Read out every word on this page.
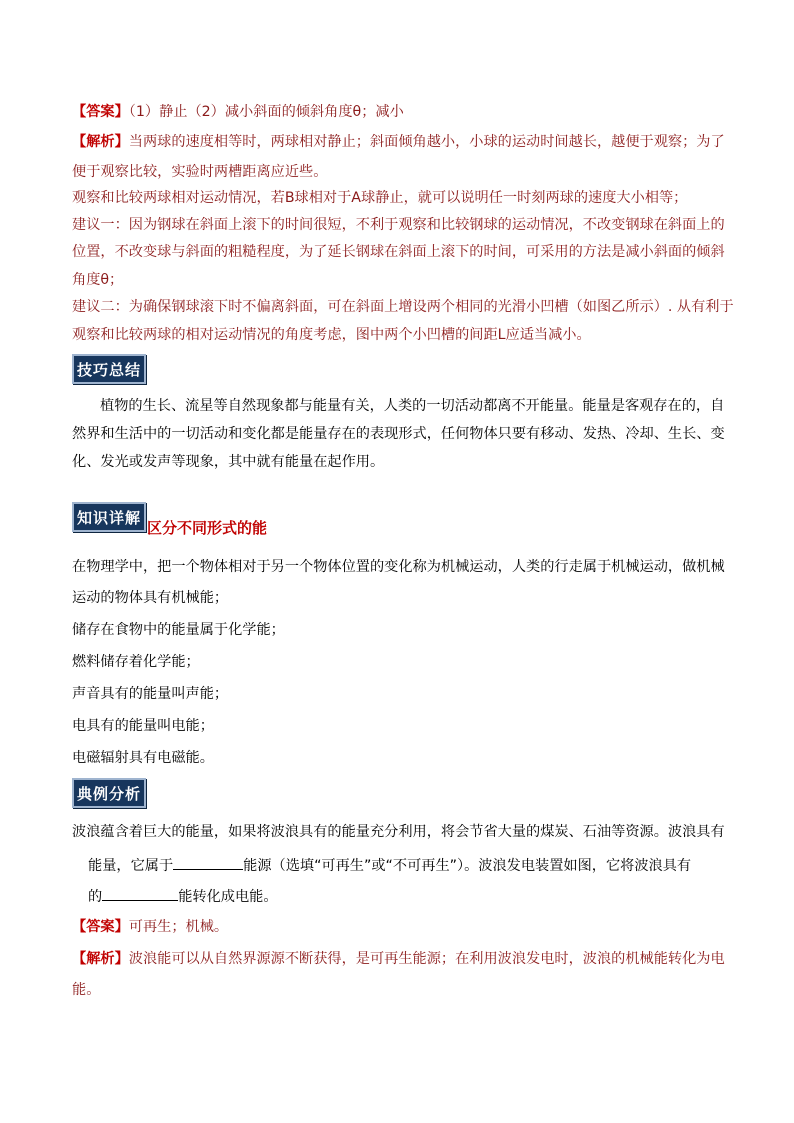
【答案】（1）静止（2）减小斜面的倾斜角度θ；减小
【解析】当两球的速度相等时，两球相对静止；斜面倾角越小，小球的运动时间越长，越便于观察；为了
便于观察比较，实验时两槽距离应近些。
观察和比较两球相对运动情况，若B球相对于A球静止，就可以说明任一时刻两球的速度大小相等；
建议一：因为钢球在斜面上滚下的时间很短，不利于观察和比较钢球的运动情况，不改变钢球在斜面上的
位置，不改变球与斜面的粗糙程度，为了延长钢球在斜面上滚下的时间，可采用的方法是减小斜面的倾斜
角度θ；
建议二：为确保钢球滚下时不偏离斜面，可在斜面上增设两个相同的光滑小凹槽（如图乙所示）. 从有利于
观察和比较两球的相对运动情况的角度考虑，图中两个小凹槽的间距L应适当减小。
技巧总结
植物的生长、流星等自然现象都与能量有关，人类的一切活动都离不开能量。能量是客观存在的，自
然界和生活中的一切活动和变化都是能量存在的表现形式，任何物体只要有移动、发热、冷却、生长、变
化、发光或发声等现象，其中就有能量在起作用。
知识详解
区分不同形式的能
在物理学中，把一个物体相对于另一个物体位置的变化称为机械运动，人类的行走属于机械运动，做机械
运动的物体具有机械能；
储存在食物中的能量属于化学能；
燃料储存着化学能；
声音具有的能量叫声能；
电具有的能量叫电能；
电磁辐射具有电磁能。
典例分析
波浪蕴含着巨大的能量，如果将波浪具有的能量充分利用，将会节省大量的煤炭、石油等资源。波浪具有
能量，它属于	能源（选填“可再生”或“不可再生”）。波浪发电装置如图，它将波浪具有
的	能转化成电能。
【答案】可再生；机械。
【解析】波浪能可以从自然界源源不断获得，是可再生能源；在利用波浪发电时，波浪的机械能转化为电
能。
